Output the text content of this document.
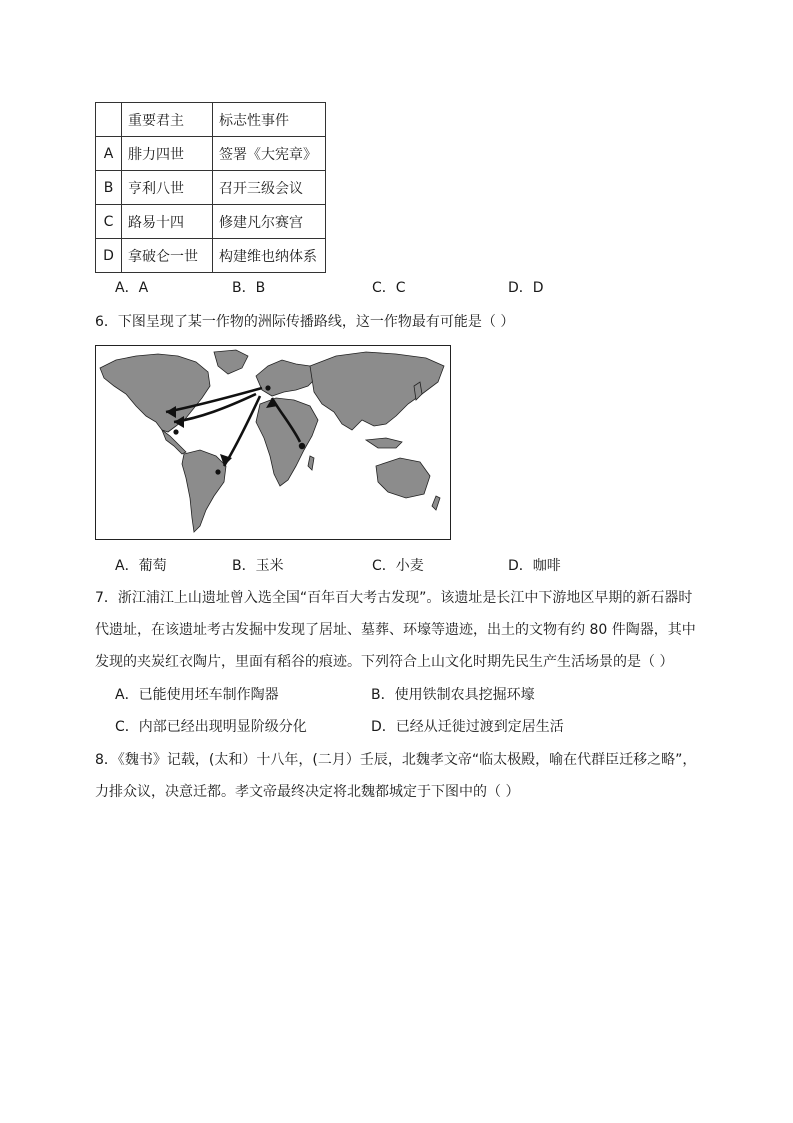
	重要君主	标志性事件
A	腓力四世	签署《大宪章》
B	亨利八世	召开三级会议
C	路易十四	修建凡尔赛宫
D	拿破仑一世	构建维也纳体系
A．A	B．B	C．C	D．D
6．下图呈现了某一作物的洲际传播路线，这一作物最有可能是（ ）
A．葡萄	B．玉米	C．小麦	D．咖啡
7．浙江浦江上山遗址曾入选全国“百年百大考古发现”。该遗址是长江中下游地区早期的新石器时
代遗址，在该遗址考古发掘中发现了居址、墓葬、环壕等遗迹，出土的文物有约 80 件陶器，其中
发现的夹炭红衣陶片，里面有稻谷的痕迹。下列符合上山文化时期先民生产生活场景的是（ ）
A．已能使用坯车制作陶器	B．使用铁制农具挖掘环壕
C．内部已经出现明显阶级分化	D．已经从迁徙过渡到定居生活
8．《魏书》记载，(太和）十八年，(二月）壬辰，北魏孝文帝“临太极殿，喻在代群臣迁移之略”，
力排众议，决意迁都。孝文帝最终决定将北魏都城定于下图中的（ ）
